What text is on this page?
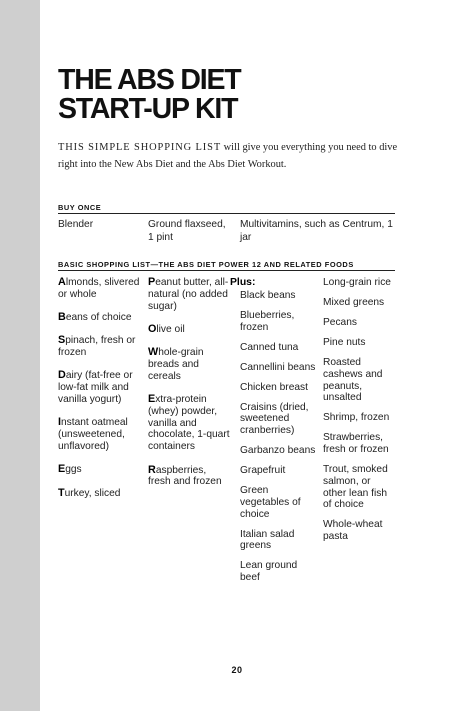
THE ABS DIET
START-UP KIT

THIS SIMPLE SHOPPING LIST will give you everything you need to dive right into the New Abs Diet and the Abs Diet Workout.

BUY ONCE
Blender	Ground flaxseed, 1 pint
Multivitamins, such as Centrum, 1 jar
BASIC SHOPPING LIST—THE ABS DIET POWER 12 AND RELATED FOODS
Almonds, slivered or whole
Beans of choice
Spinach, fresh or frozen
Dairy (fat-free or low-fat milk and vanilla yogurt)
Instant oatmeal (unsweetened, unflavored)
Eggs
Turkey, sliced
Peanut butter, all-natural (no added sugar)
Olive oil
Whole-grain breads and cereals
Extra-protein (whey) powder, vanilla and chocolate, 1-quart containers
Raspberries, fresh and frozen
Plus:
Black beans
Blueberries, frozen
Canned tuna
Cannellini beans
Chicken breast
Craisins (dried, sweetened cranberries)
Garbanzo beans
Grapefruit
Green vegetables of choice
Italian salad greens
Lean ground beef
Long-grain rice
Mixed greens
Pecans
Pine nuts
Roasted cashews and peanuts, unsalted
Shrimp, frozen
Strawberries, fresh or frozen
Trout, smoked salmon, or other lean fish of choice
Whole-wheat pasta
20
